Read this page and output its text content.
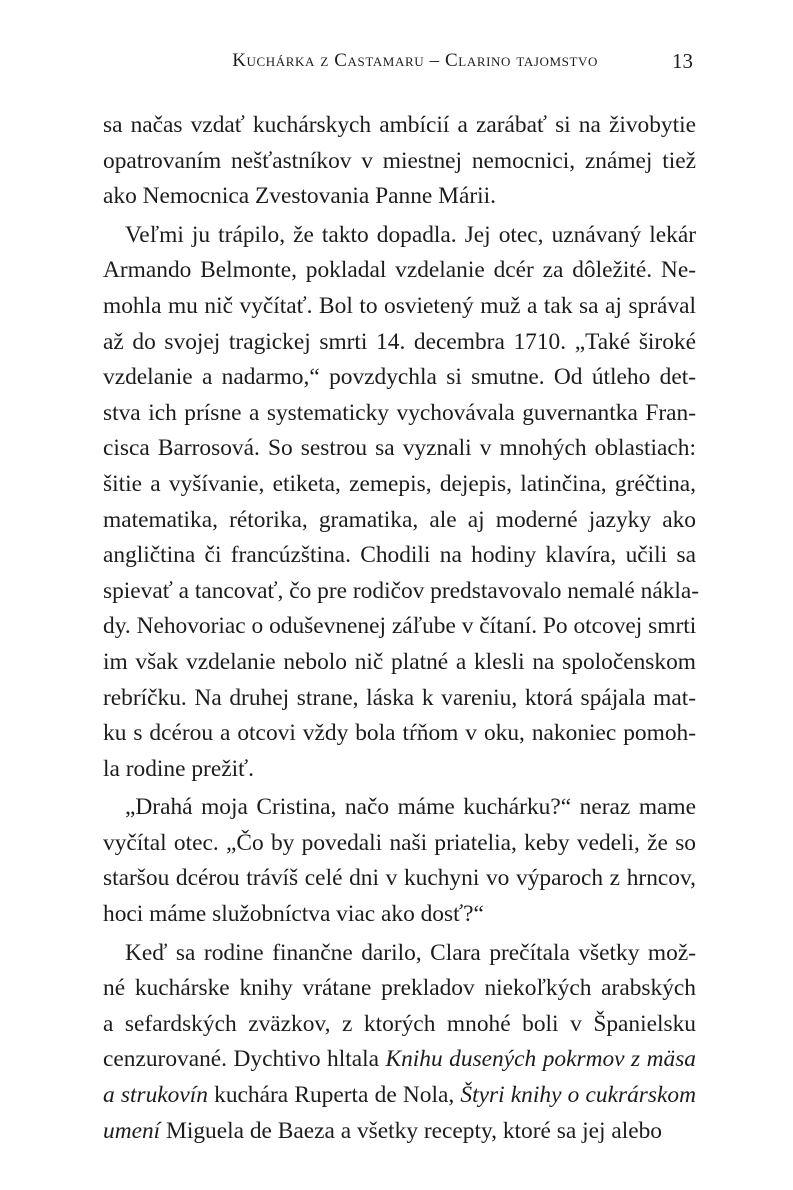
Kuchárka z Castamaru – Clarino tajomstvo	13
sa načas vzdať kuchárskych ambícií a zarábať si na živobytie
opatrovaním nešťastníkov v miestnej nemocnici, známej tiež
ako Nemocnica Zvestovania Panne Márii.
Veľmi ju trápilo, že takto dopadla. Jej otec, uznávaný lekár
Armando Belmonte, pokladal vzdelanie dcér za dôležité. Ne-
mohla mu nič vyčítať. Bol to osvietený muž a tak sa aj správal
až do svojej tragickej smrti 14. decembra 1710. „Také široké
vzdelanie a nadarmo,“ povzdychla si smutne. Od útleho det-
stva ich prísne a systematicky vychovávala guvernantka Fran-
cisca Barrosová. So sestrou sa vyznali v mnohých oblastiach:
šitie a vyšívanie, etiketa, zemepis, dejepis, latinčina, gréčtina,
matematika, rétorika, gramatika, ale aj moderné jazyky ako
angličtina či francúzština. Chodili na hodiny klavíra, učili sa
spievať a tancovať, čo pre rodičov predstavovalo nemalé nákla-
dy. Nehovoriac o oduševnenej záľube v čítaní. Po otcovej smrti
im však vzdelanie nebolo nič platné a klesli na spoločenskom
rebríčku. Na druhej strane, láska k vareniu, ktorá spájala mat-
ku s dcérou a otcovi vždy bola tŕňom v oku, nakoniec pomoh-
la rodine prežiť.
„Drahá moja Cristina, načo máme kuchárku?“ neraz mame
vyčítal otec. „Čo by povedali naši priatelia, keby vedeli, že so
staršou dcérou trávíš celé dni v kuchyni vo výparoch z hrncov,
hoci máme služobníctva viac ako dosť?“
Keď sa rodine finančne darilo, Clara prečítala všetky mož-
né kuchárske knihy vrátane prekladov niekoľkých arabských
a sefardských zväzkov, z ktorých mnohé boli v Španielsku
cenzurované. Dychtivo hltala Knihu dusených pokrmov z mäsa
a strukovín kuchára Ruperta de Nola, Štyri knihy o cukrárskom
umení Miguela de Baeza a všetky recepty, ktoré sa jej alebo
